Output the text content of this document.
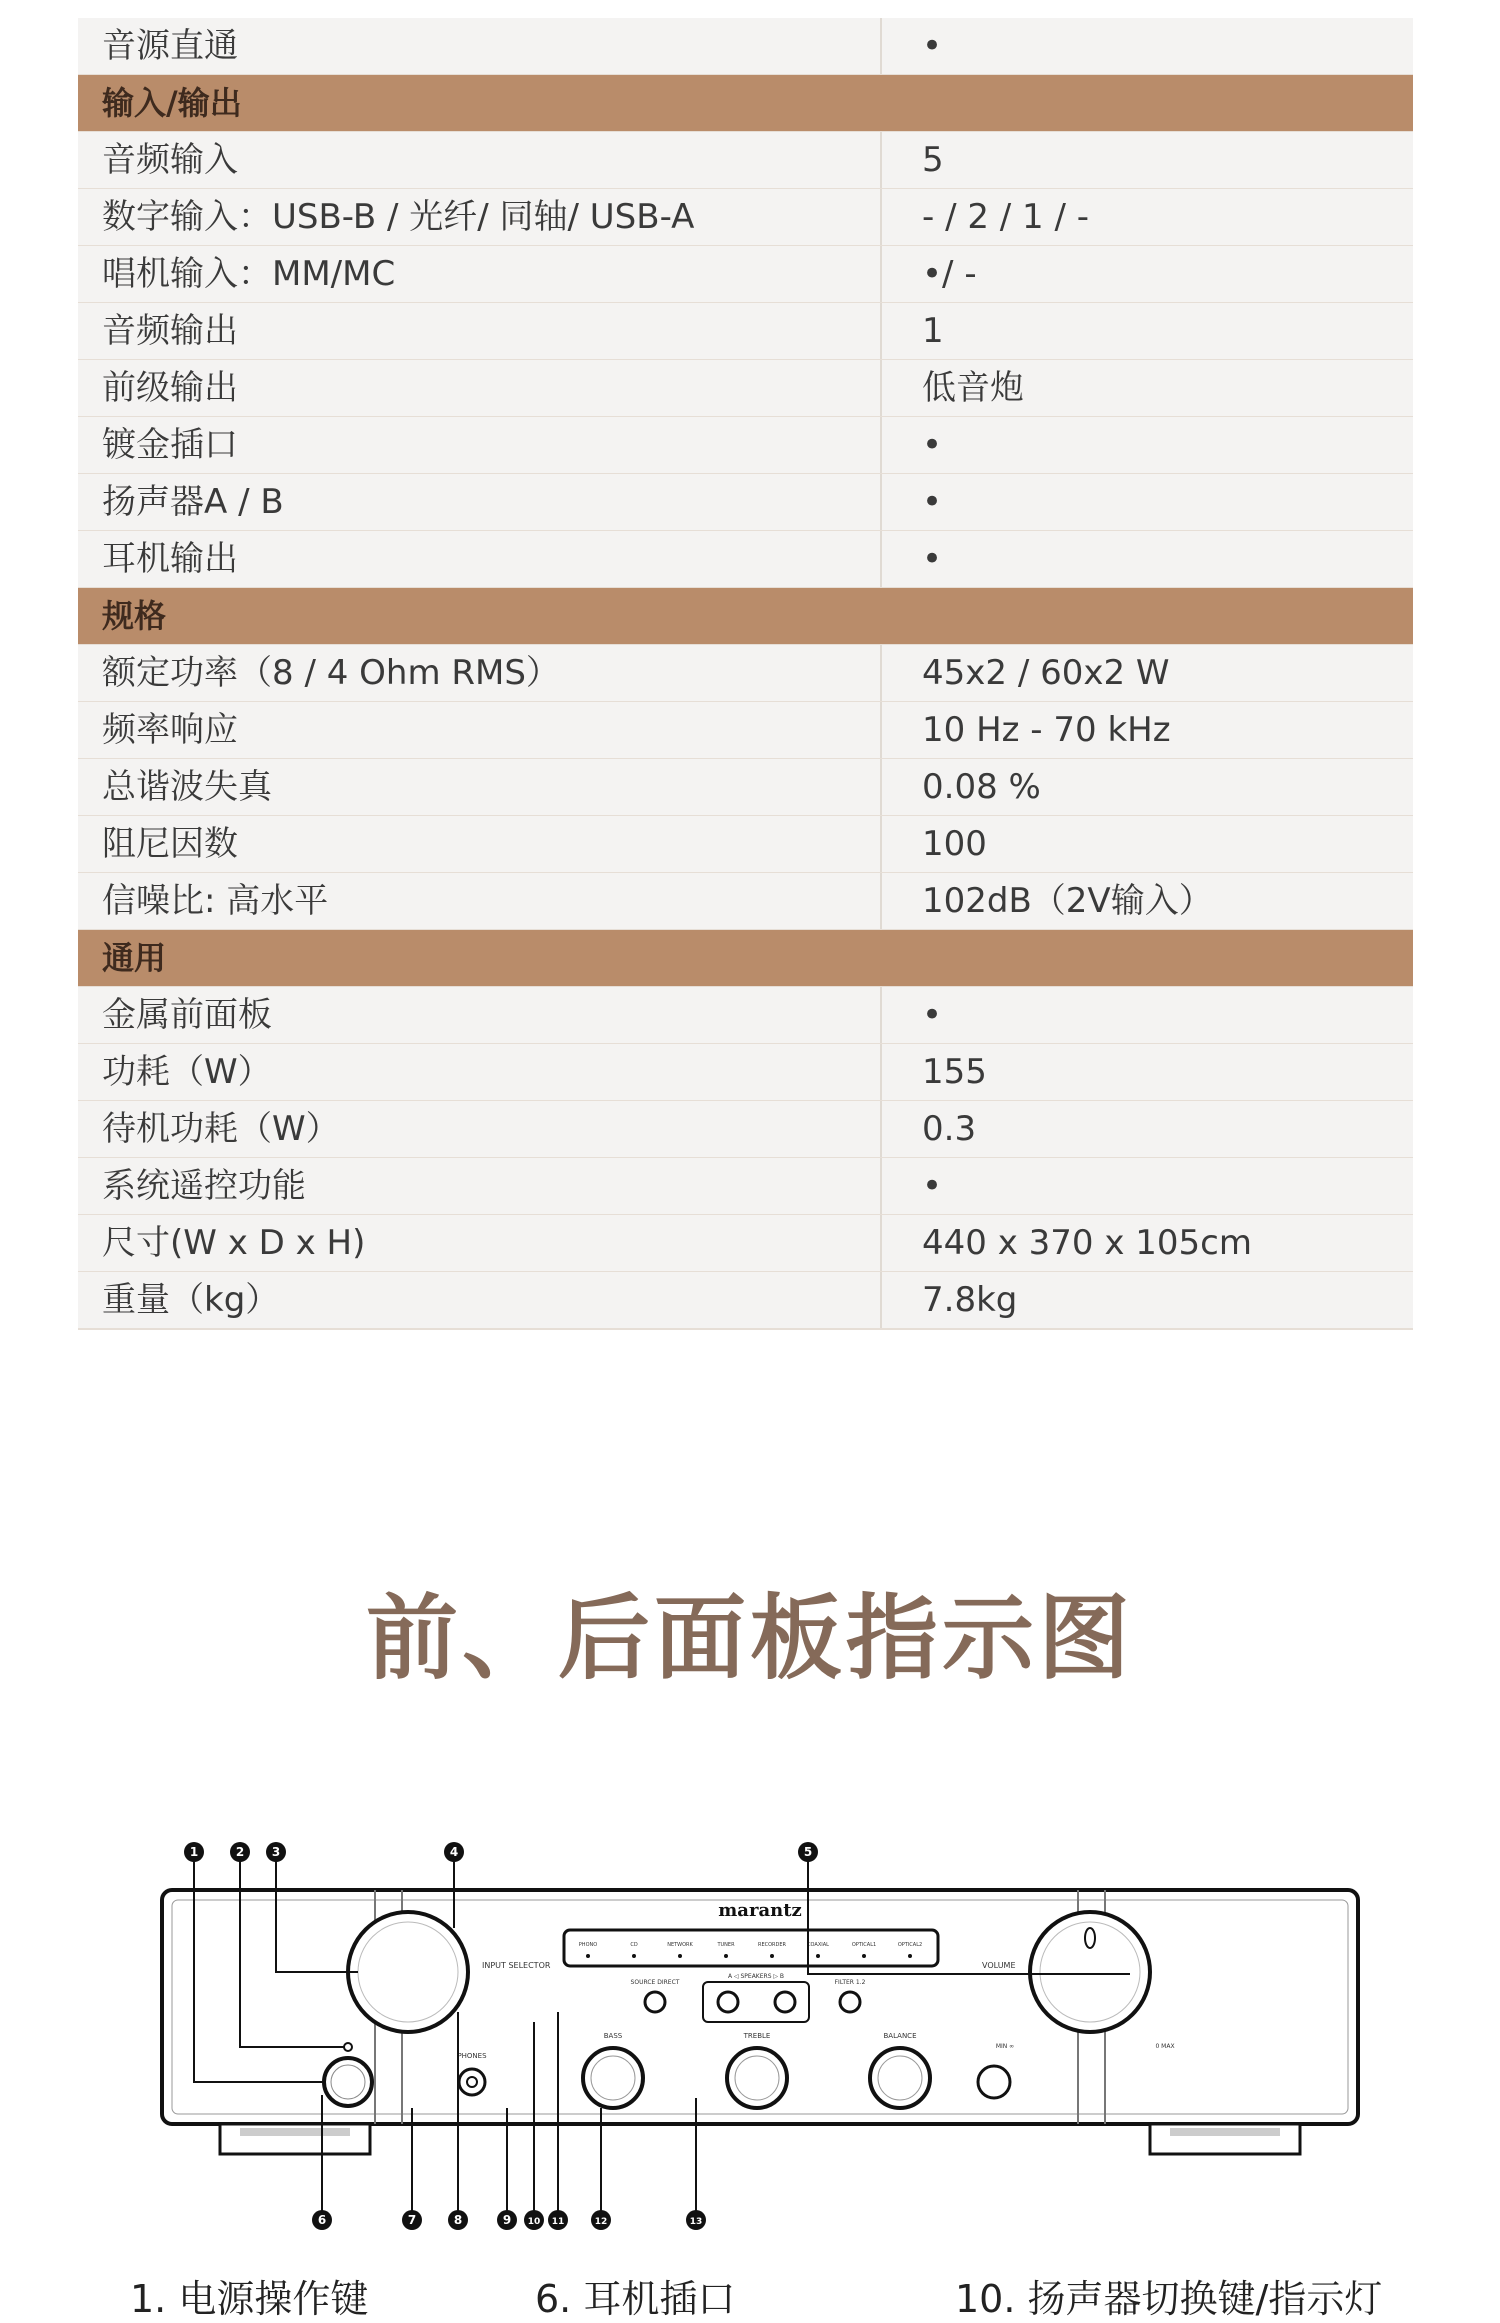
音源直通	•
输入/输出
音频输入	5
数字输入：USB-B / 光纤/ 同轴/ USB-A	- / 2 / 1 / -
唱机输入：MM/MC	•/ -
音频输出	1
前级输出	低音炮
镀金插口	•
扬声器A / B	•
耳机输出	•
规格
额定功率（8 / 4 Ohm RMS）	45x2 / 60x2 W
频率响应	10 Hz - 70 kHz
总谐波失真	0.08 %
阻尼因数	100
信噪比: 高水平	102dB（2V输入）
通用
金属前面板	•
功耗（W）	155
待机功耗（W）	0.3
系统遥控功能	•
尺寸(W x D x H)	440 x 370 x 105cm
重量（kg）	7.8kg
前、后面板指示图
INPUT SELECTOR	VOLUME
marantz
PHONO	CD	NETWORK	TUNER	RECORDER	COAXIAL	OPTICAL1	OPTICAL2
PHONES
BASS	TREBLE	BALANCE
SOURCE DIRECT
A ◁ SPEAKERS ▷ B
FILTER 1.2
MIN ∞	0 MAX
1	2 3	4	5
6	7	8	9 10 11	12	13
1. 电源操作键	6. 耳机插口	10. 扬声器切换键/指示灯
